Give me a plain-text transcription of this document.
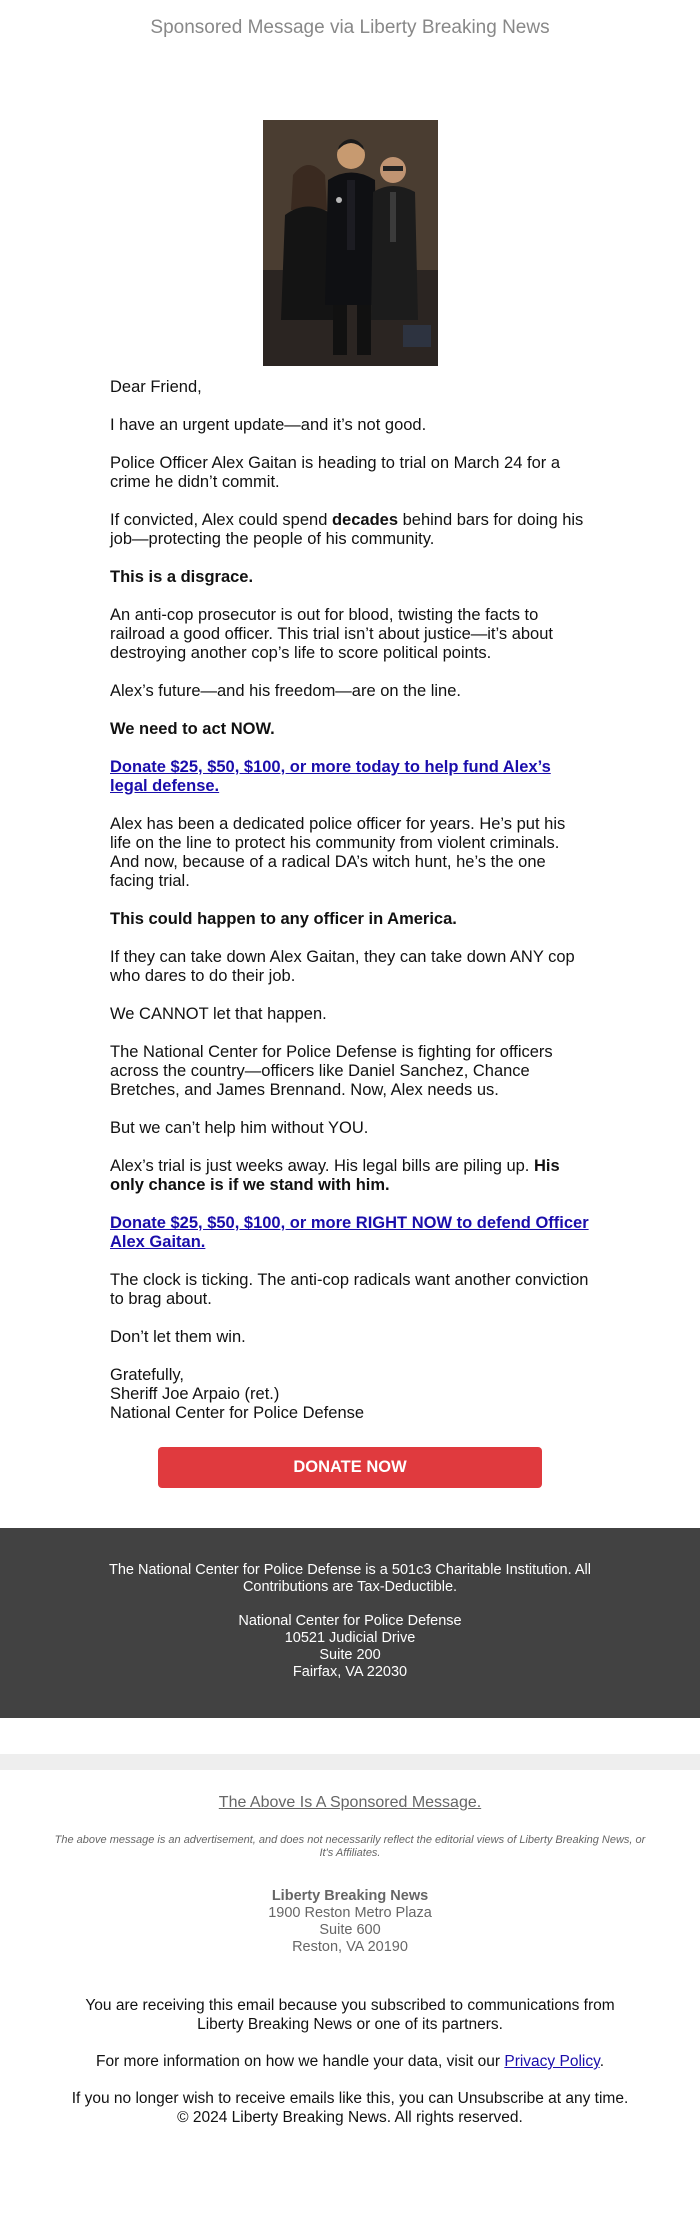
Sponsored Message via Liberty Breaking News

Dear Friend,

I have an urgent update—and it’s not good.

Police Officer Alex Gaitan is heading to trial on March 24 for a crime he didn’t commit.

If convicted, Alex could spend decades behind bars for doing his job—protecting the people of his community.

This is a disgrace.

An anti-cop prosecutor is out for blood, twisting the facts to railroad a good officer. This trial isn’t about justice—it’s about destroying another cop’s life to score political points.

Alex’s future—and his freedom—are on the line.

We need to act NOW.

Donate $25, $50, $100, or more today to help fund Alex’s legal defense.

Alex has been a dedicated police officer for years. He’s put his life on the line to protect his community from violent criminals. And now, because of a radical DA’s witch hunt, he’s the one facing trial.

This could happen to any officer in America.

If they can take down Alex Gaitan, they can take down ANY cop who dares to do their job.

We CANNOT let that happen.

The National Center for Police Defense is fighting for officers across the country—officers like Daniel Sanchez, Chance Bretches, and James Brennand. Now, Alex needs us.

But we can’t help him without YOU.

Alex’s trial is just weeks away. His legal bills are piling up. His only chance is if we stand with him.

Donate $25, $50, $100, or more RIGHT NOW to defend Officer Alex Gaitan.

The clock is ticking. The anti-cop radicals want another conviction to brag about.

Don’t let them win.

Gratefully,
Sheriff Joe Arpaio (ret.)
National Center for Police Defense

DONATE NOW

The National Center for Police Defense is a 501c3 Charitable Institution. All Contributions are Tax-Deductible.

National Center for Police Defense
10521 Judicial Drive
Suite 200
Fairfax, VA 22030

The Above Is A Sponsored Message.
The above message is an advertisement, and does not necessarily reflect the editorial views of Liberty Breaking News, or It's Affiliates.
Liberty Breaking News
1900 Reston Metro Plaza
Suite 600
Reston, VA 20190
You are receiving this email because you subscribed to communications from Liberty Breaking News or one of its partners.
For more information on how we handle your data, visit our Privacy Policy.
If you no longer wish to receive emails like this, you can Unsubscribe at any time.
© 2024 Liberty Breaking News. All rights reserved.
